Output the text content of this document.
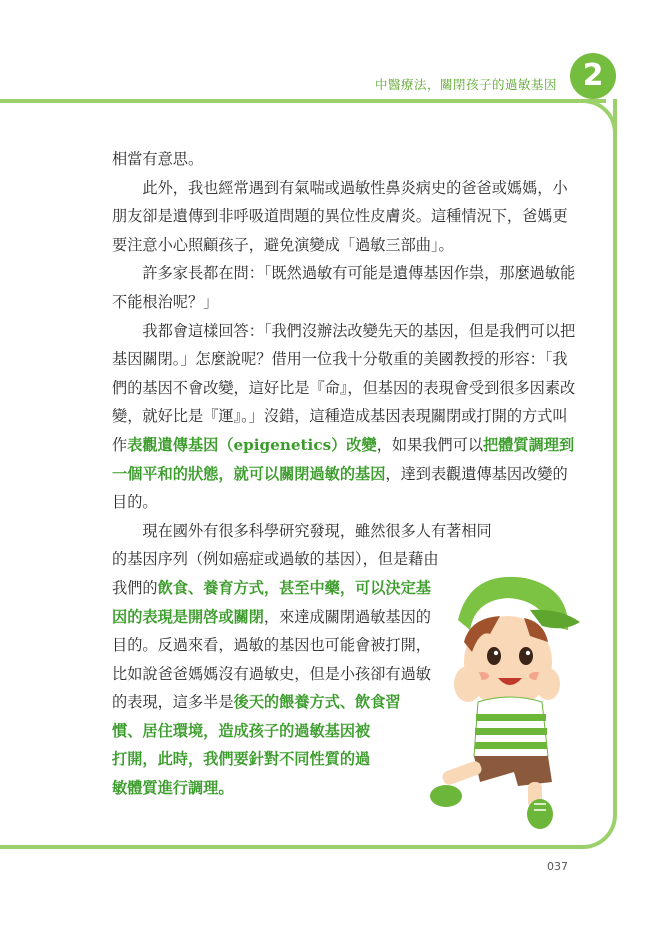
中醫療法，關閉孩子的過敏基因 2

相當有意思。

此外，我也經常遇到有氣喘或過敏性鼻炎病史的爸爸或媽媽，小朋友卻是遺傳到非呼吸道問題的異位性皮膚炎。這種情況下，爸媽更要注意小心照顧孩子，避免演變成「過敏三部曲」。

許多家長都在問：「既然過敏有可能是遺傳基因作祟，那麼過敏能不能根治呢？」

我都會這樣回答：「我們沒辦法改變先天的基因，但是我們可以把基因關閉。」怎麼說呢？借用一位我十分敬重的美國教授的形容：「我們的基因不會改變，這好比是『命』，但基因的表現會受到很多因素改變，就好比是『運』。」沒錯，這種造成基因表現關閉或打開的方式叫作表觀遺傳基因（epigenetics）改變，如果我們可以把體質調理到一個平和的狀態，就可以關閉過敏的基因，達到表觀遺傳基因改變的目的。

現在國外有很多科學研究發現，雖然很多人有著相同

的基因序列（例如癌症或過敏的基因），但是藉由

我們的飲食、養育方式，甚至中藥，可以決定基

因的表現是開啓或關閉，來達成關閉過敏基因的

目的。反過來看，過敏的基因也可能會被打開，

比如說爸爸媽媽沒有過敏史，但是小孩卻有過敏

的表現，這多半是後天的餵養方式、飲食習

慣、居住環境，造成孩子的過敏基因被

打開，此時，我們要針對不同性質的過

敏體質進行調理。

037
